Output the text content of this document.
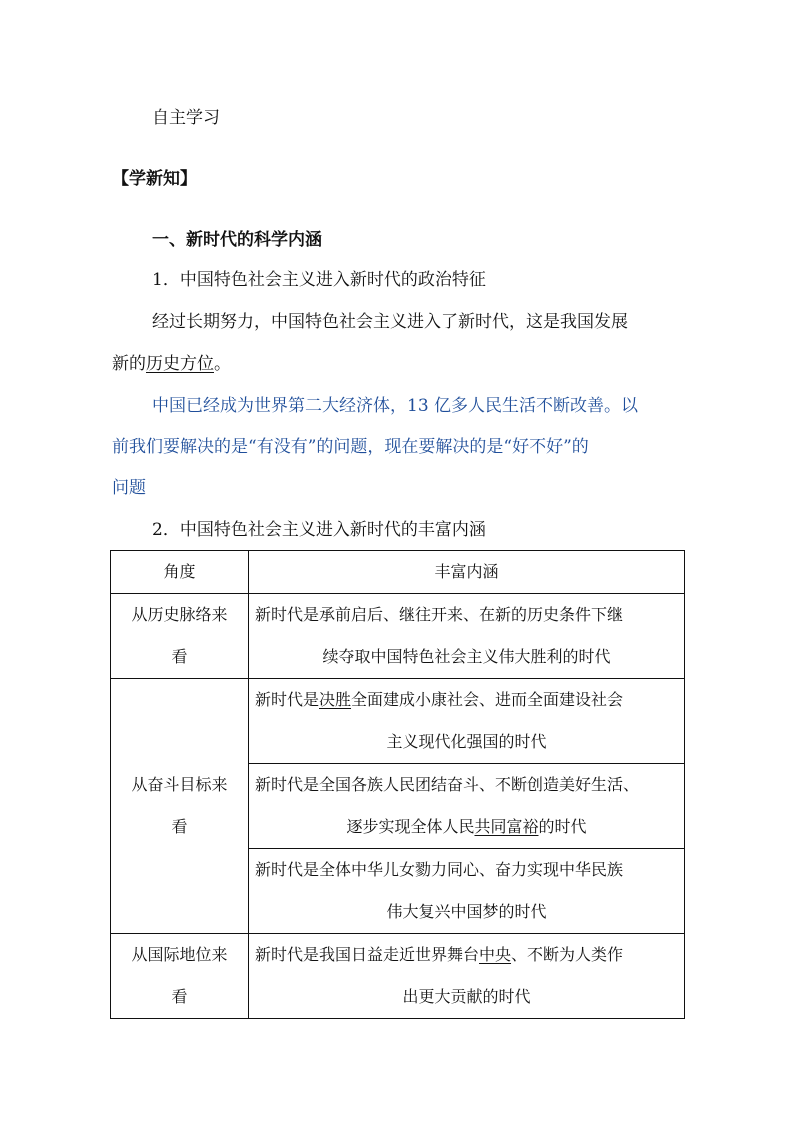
自主学习
【学新知】
一、新时代的科学内涵
1．中国特色社会主义进入新时代的政治特征
经过长期努力，中国特色社会主义进入了新时代，这是我国发展
新的历史方位。
中国已经成为世界第二大经济体，13 亿多人民生活不断改善。以
前我们要解决的是“有没有”的问题，现在要解决的是“好不好”的
问题
2．中国特色社会主义进入新时代的丰富内涵
角度	丰富内涵

从历史脉络来
看	新时代是承前启后、继往开来、在新的历史条件下继
续夺取中国特色社会主义伟大胜利的时代

从奋斗目标来
看	新时代是决胜全面建成小康社会、进而全面建设社会
主义现代化强国的时代

	新时代是全国各族人民团结奋斗、不断创造美好生活、
逐步实现全体人民共同富裕的时代

	新时代是全体中华儿女勠力同心、奋力实现中华民族
伟大复兴中国梦的时代

从国际地位来
看	新时代是我国日益走近世界舞台中央、不断为人类作
出更大贡献的时代
